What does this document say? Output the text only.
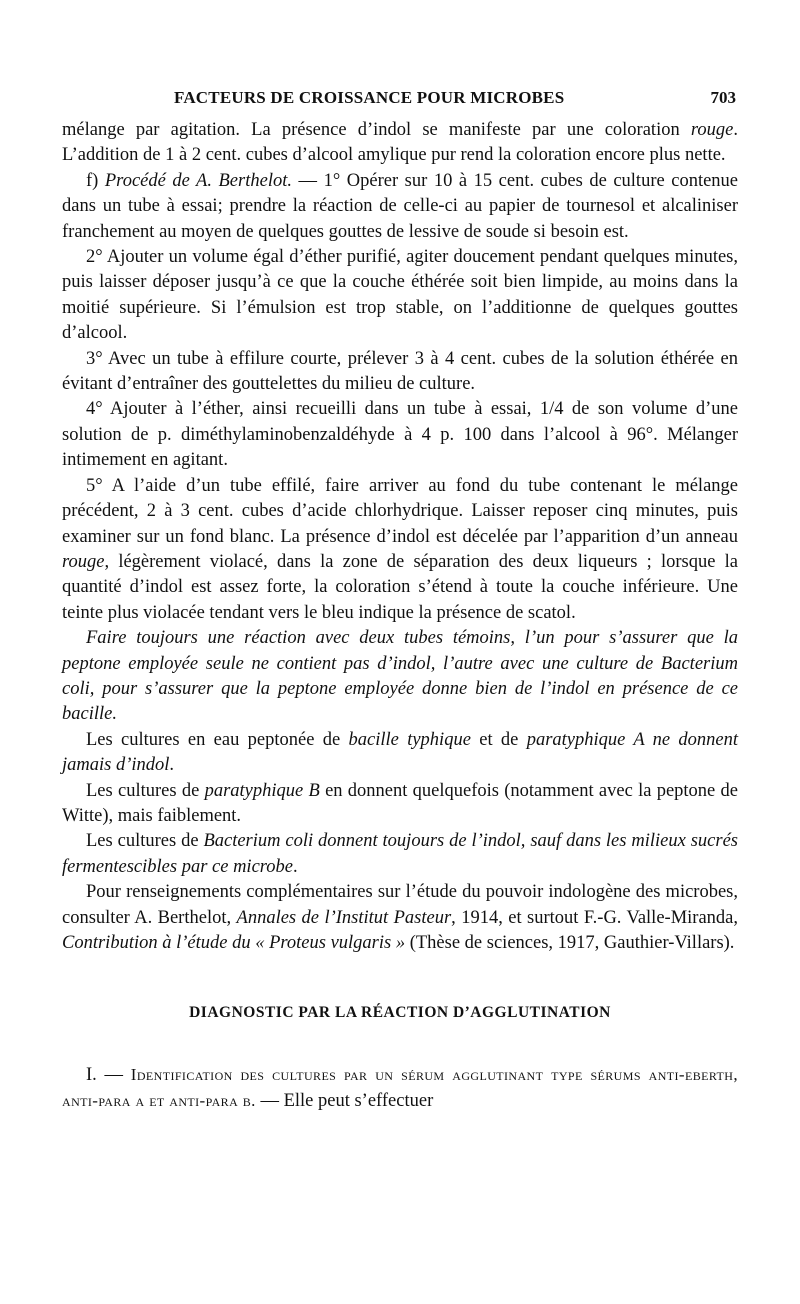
FACTEURS DE CROISSANCE POUR MICROBES	703

mélange par agitation. La présence d’indol se manifeste par une coloration rouge. L’addition de 1 à 2 cent. cubes d’alcool amylique pur rend la coloration encore plus nette.

f) Procédé de A. Berthelot. — 1° Opérer sur 10 à 15 cent. cubes de culture contenue dans un tube à essai; prendre la réaction de celle-ci au papier de tournesol et alcaliniser franchement au moyen de quelques gouttes de lessive de soude si besoin est.

2° Ajouter un volume égal d’éther purifié, agiter doucement pendant quelques minutes, puis laisser déposer jusqu’à ce que la couche éthérée soit bien limpide, au moins dans la moitié supérieure. Si l’émulsion est trop stable, on l’additionne de quelques gouttes d’alcool.

3° Avec un tube à effilure courte, prélever 3 à 4 cent. cubes de la solution éthérée en évitant d’entraîner des gouttelettes du milieu de culture.

4° Ajouter à l’éther, ainsi recueilli dans un tube à essai, 1/4 de son volume d’une solution de p. diméthylaminobenzaldéhyde à 4 p. 100 dans l’alcool à 96°. Mélanger intimement en agitant.

5° A l’aide d’un tube effilé, faire arriver au fond du tube contenant le mélange précédent, 2 à 3 cent. cubes d’acide chlorhydrique. Laisser reposer cinq minutes, puis examiner sur un fond blanc. La présence d’indol est décelée par l’apparition d’un anneau rouge, légèrement violacé, dans la zone de séparation des deux liqueurs ; lorsque la quantité d’indol est assez forte, la coloration s’étend à toute la couche inférieure. Une teinte plus violacée tendant vers le bleu indique la présence de scatol.

Faire toujours une réaction avec deux tubes témoins, l’un pour s’assurer que la peptone employée seule ne contient pas d’indol, l’autre avec une culture de Bacterium coli, pour s’assurer que la peptone employée donne bien de l’indol en présence de ce bacille.

Les cultures en eau peptonée de bacille typhique et de paratyphique A ne donnent jamais d’indol.

Les cultures de paratyphique B en donnent quelquefois (notamment avec la peptone de Witte), mais faiblement.

Les cultures de Bacterium coli donnent toujours de l’indol, sauf dans les milieux sucrés fermentescibles par ce microbe.

Pour renseignements complémentaires sur l’étude du pouvoir indologène des microbes, consulter A. Berthelot, Annales de l’Institut Pasteur, 1914, et surtout F.-G. Valle-Miranda, Contribution à l’étude du « Proteus vulgaris » (Thèse de sciences, 1917, Gauthier-Villars).

DIAGNOSTIC PAR LA RÉACTION D’AGGLUTINATION

I. — Identification des cultures par un sérum agglutinant type sérums anti-eberth, anti-para a et anti-para b. — Elle peut s’effectuer
